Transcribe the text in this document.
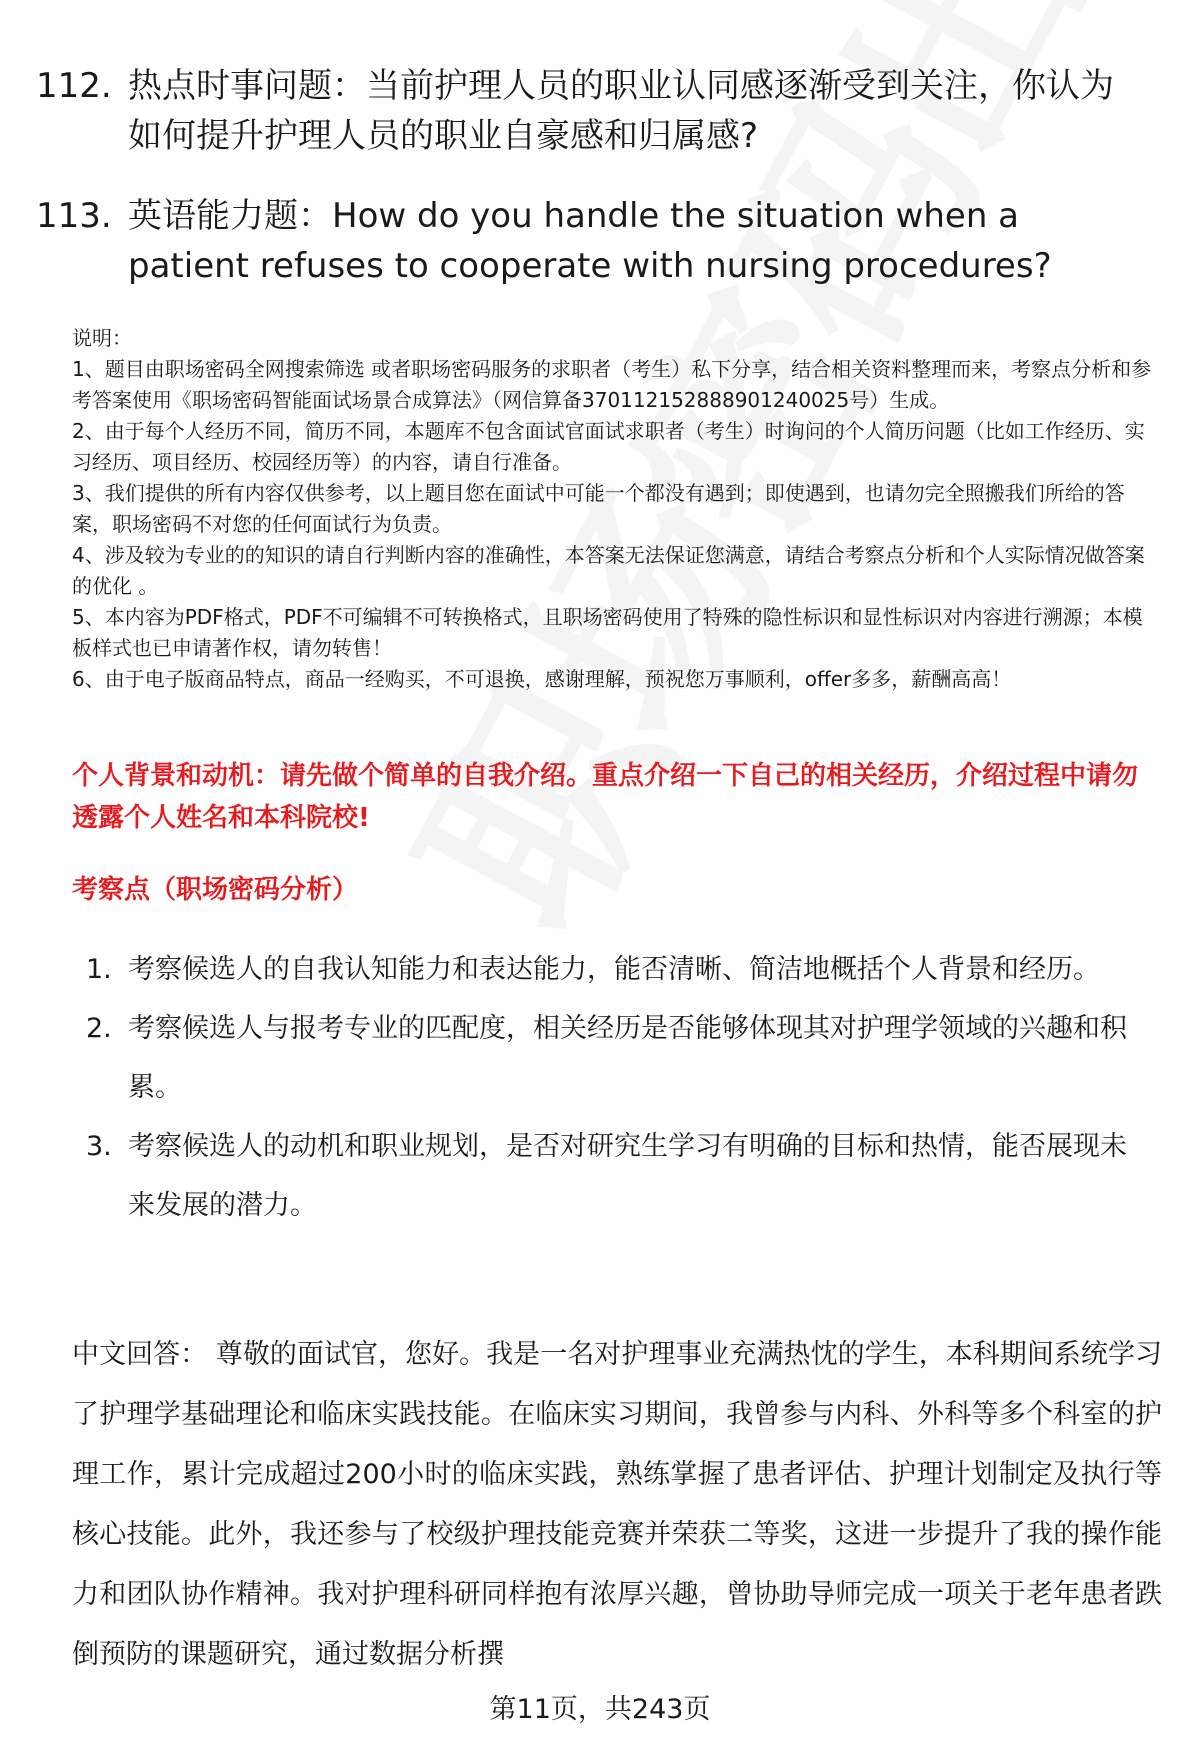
112. 热点时事问题：当前护理人员的职业认同感逐渐受到关注，你认为如何提升护理人员的职业自豪感和归属感?
113. 英语能力题：How do you handle the situation when a patient refuses to cooperate with nursing procedures?

说明：

1、题目由职场密码全网搜索筛选 或者职场密码服务的求职者（考生）私下分享，结合相关资料整理而来，考察点分析和参考答案使用《职场密码智能面试场景合成算法》（网信算备370112152888901240025号）生成。

2、由于每个人经历不同，简历不同，本题库不包含面试官面试求职者（考生）时询问的个人简历问题（比如工作经历、实习经历、项目经历、校园经历等）的内容，请自行准备。

3、我们提供的所有内容仅供参考，以上题目您在面试中可能一个都没有遇到；即使遇到，也请勿完全照搬我们所给的答案，职场密码不对您的任何面试行为负责。

4、涉及较为专业的的知识的请自行判断内容的准确性，本答案无法保证您满意，请结合考察点分析和个人实际情况做答案的优化 。

5、本内容为PDF格式，PDF不可编辑不可转换格式，且职场密码使用了特殊的隐性标识和显性标识对内容进行溯源；本模板样式也已申请著作权，请勿转售！

6、由于电子版商品特点，商品一经购买，不可退换，感谢理解，预祝您万事顺利，offer多多，薪酬高高！

个人背景和动机：请先做个简单的自我介绍。重点介绍一下自己的相关经历，介绍过程中请勿透露个人姓名和本科院校!
考察点（职场密码分析）
1. 考察候选人的自我认知能力和表达能力，能否清晰、简洁地概括个人背景和经历。
2. 考察候选人与报考专业的匹配度，相关经历是否能够体现其对护理学领域的兴趣和积累。
3. 考察候选人的动机和职业规划，是否对研究生学习有明确的目标和热情，能否展现未来发展的潜力。
中文回答： 尊敬的面试官，您好。我是一名对护理事业充满热忱的学生，本科期间系统学习了护理学基础理论和临床实践技能。在临床实习期间，我曾参与内科、外科等多个科室的护理工作，累计完成超过200小时的临床实践，熟练掌握了患者评估、护理计划制定及执行等核心技能。此外，我还参与了校级护理技能竞赛并荣获二等奖，这进一步提升了我的操作能力和团队协作精神。我对护理科研同样抱有浓厚兴趣，曾协助导师完成一项关于老年患者跌倒预防的课题研究，通过数据分析撰
第11页，共243页
